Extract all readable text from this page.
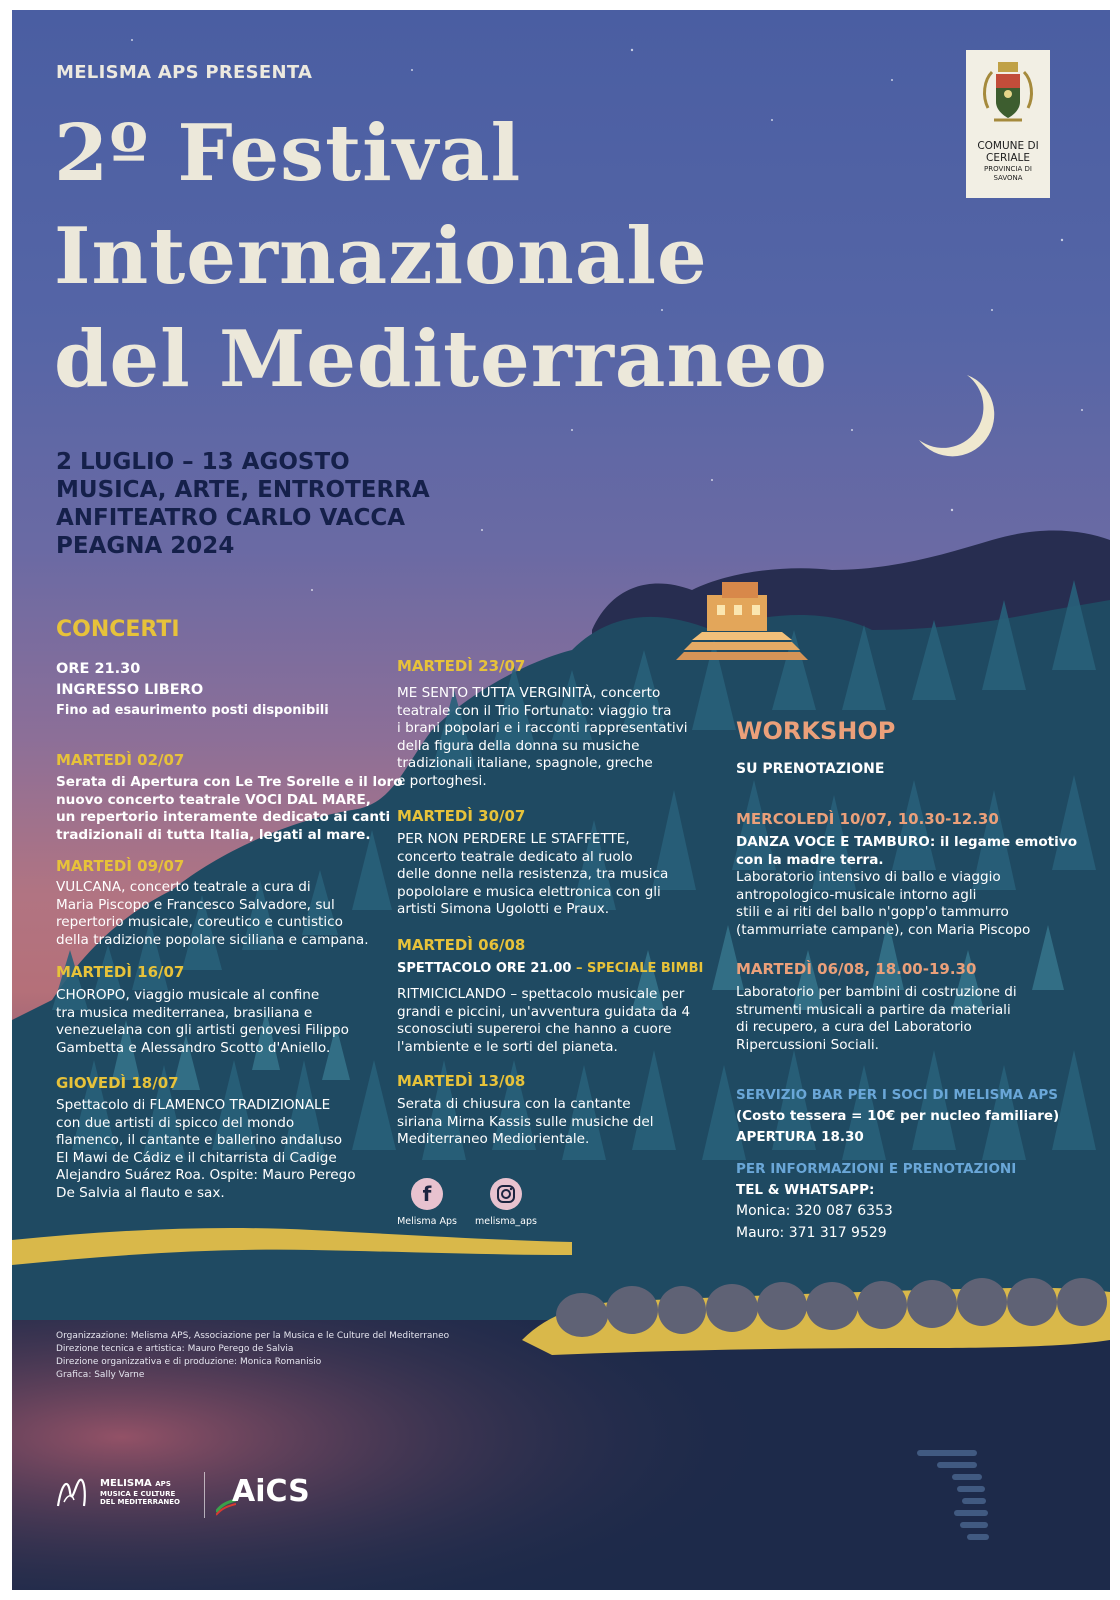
MELISMA APS PRESENTA
2º Festival
Internazionale
del Mediterraneo
2 LUGLIO – 13 AGOSTO
MUSICA, ARTE, ENTROTERRA
ANFITEATRO CARLO VACCA
PEAGNA 2024
COMUNE DI
CERIALE
PROVINCIA DI
SAVONA
CONCERTI
ORE 21.30
INGRESSO LIBERO
Fino ad esaurimento posti disponibili
MARTEDÌ 02/07
Serata di Apertura con Le Tre Sorelle e il loro
nuovo concerto teatrale VOCI DAL MARE,
un repertorio interamente dedicato ai canti
tradizionali di tutta Italia, legati al mare.
MARTEDÌ 09/07
VULCANA, concerto teatrale a cura di
Maria Piscopo e Francesco Salvadore, sul
repertorio musicale, coreutico e cuntistico
della tradizione popolare siciliana e campana.
MARTEDÌ 16/07
CHOROPO, viaggio musicale al confine
tra musica mediterranea, brasiliana e
venezuelana con gli artisti genovesi Filippo
Gambetta e Alessandro Scotto d'Aniello.
GIOVEDÌ 18/07
Spettacolo di FLAMENCO TRADIZIONALE
con due artisti di spicco del mondo
flamenco, il cantante e ballerino andaluso
El Mawi de Cádiz e il chitarrista di Cadige
Alejandro Suárez Roa. Ospite: Mauro Perego
De Salvia al flauto e sax.
MARTEDÌ 23/07
ME SENTO TUTTA VERGINITÀ, concerto
teatrale con il Trio Fortunato: viaggio tra
i brani popolari e i racconti rappresentativi
della figura della donna su musiche
tradizionali italiane, spagnole, greche
e portoghesi.
MARTEDÌ 30/07
PER NON PERDERE LE STAFFETTE,
concerto teatrale dedicato al ruolo
delle donne nella resistenza, tra musica
popololare e musica elettronica con gli
artisti Simona Ugolotti e Praux.
MARTEDÌ 06/08
SPETTACOLO ORE 21.00 – SPECIALE BIMBI
RITMICICLANDO – spettacolo musicale per
grandi e piccini, un'avventura guidata da 4
sconosciuti supereroi che hanno a cuore
l'ambiente e le sorti del pianeta.
MARTEDÌ 13/08
Serata di chiusura con la cantante
siriana Mirna Kassis sulle musiche del
Mediterraneo Mediorientale.
f
Melisma Aps	melisma_aps
WORKSHOP
SU PRENOTAZIONE
MERCOLEDÌ 10/07, 10.30-12.30
DANZA VOCE E TAMBURO: il legame emotivo
con la madre terra.
Laboratorio intensivo di ballo e viaggio
antropologico-musicale intorno agli
stili e ai riti del ballo n'gopp'o tammurro
(tammurriate campane), con Maria Piscopo
MARTEDÌ 06/08, 18.00-19.30
Laboratorio per bambini di costruzione di
strumenti musicali a partire da materiali
di recupero, a cura del Laboratorio
Ripercussioni Sociali.
SERVIZIO BAR PER I SOCI DI MELISMA APS
(Costo tessera = 10€ per nucleo familiare)
APERTURA 18.30
PER INFORMAZIONI E PRENOTAZIONI
TEL & WHATSAPP:
Monica: 320 087 6353
Mauro: 371 317 9529
Organizzazione: Melisma APS, Associazione per la Musica e le Culture del Mediterraneo
Direzione tecnica e artistica: Mauro Perego de Salvia
Direzione organizzativa e di produzione: Monica Romanisio
Grafica: Sally Varne
MELISMA APS
MUSICA E CULTURE
DEL MEDITERRANEO AiCS
